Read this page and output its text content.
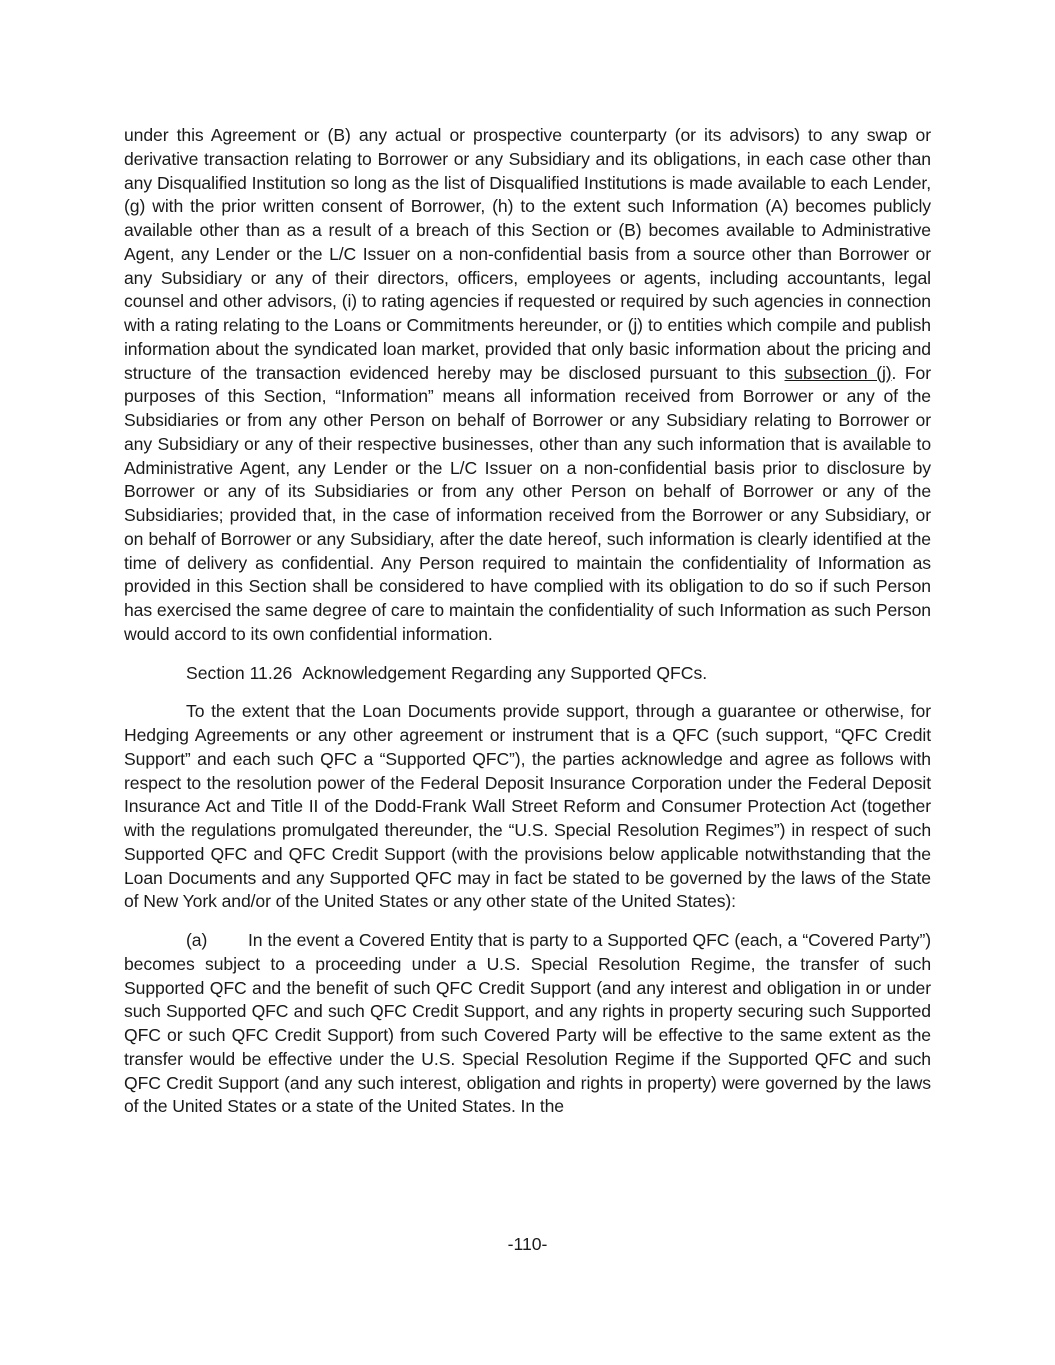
under this Agreement or (B) any actual or prospective counterparty (or its advisors) to any swap or derivative transaction relating to Borrower or any Subsidiary and its obligations, in each case other than any Disqualified Institution so long as the list of Disqualified Institutions is made available to each Lender, (g) with the prior written consent of Borrower, (h) to the extent such Information (A) becomes publicly available other than as a result of a breach of this Section or (B) becomes available to Administrative Agent, any Lender or the L/C Issuer on a non-confidential basis from a source other than Borrower or any Subsidiary or any of their directors, officers, employees or agents, including accountants, legal counsel and other advisors, (i) to rating agencies if requested or required by such agencies in connection with a rating relating to the Loans or Commitments hereunder, or (j) to entities which compile and publish information about the syndicated loan market, provided that only basic information about the pricing and structure of the transaction evidenced hereby may be disclosed pursuant to this subsection (j). For purposes of this Section, “Information” means all information received from Borrower or any of the Subsidiaries or from any other Person on behalf of Borrower or any Subsidiary relating to Borrower or any Subsidiary or any of their respective businesses, other than any such information that is available to Administrative Agent, any Lender or the L/C Issuer on a non-confidential basis prior to disclosure by Borrower or any of its Subsidiaries or from any other Person on behalf of Borrower or any of the Subsidiaries; provided that, in the case of information received from the Borrower or any Subsidiary, or on behalf of Borrower or any Subsidiary, after the date hereof, such information is clearly identified at the time of delivery as confidential. Any Person required to maintain the confidentiality of Information as provided in this Section shall be considered to have complied with its obligation to do so if such Person has exercised the same degree of care to maintain the confidentiality of such Information as such Person would accord to its own confidential information.

Section 11.26 Acknowledgement Regarding any Supported QFCs.

To the extent that the Loan Documents provide support, through a guarantee or otherwise, for Hedging Agreements or any other agreement or instrument that is a QFC (such support, “QFC Credit Support” and each such QFC a “Supported QFC”), the parties acknowledge and agree as follows with respect to the resolution power of the Federal Deposit Insurance Corporation under the Federal Deposit Insurance Act and Title II of the Dodd-Frank Wall Street Reform and Consumer Protection Act (together with the regulations promulgated thereunder, the “U.S. Special Resolution Regimes”) in respect of such Supported QFC and QFC Credit Support (with the provisions below applicable notwithstanding that the Loan Documents and any Supported QFC may in fact be stated to be governed by the laws of the State of New York and/or of the United States or any other state of the United States):

(a) In the event a Covered Entity that is party to a Supported QFC (each, a “Covered Party”) becomes subject to a proceeding under a U.S. Special Resolution Regime, the transfer of such Supported QFC and the benefit of such QFC Credit Support (and any interest and obligation in or under such Supported QFC and such QFC Credit Support, and any rights in property securing such Supported QFC or such QFC Credit Support) from such Covered Party will be effective to the same extent as the transfer would be effective under the U.S. Special Resolution Regime if the Supported QFC and such QFC Credit Support (and any such interest, obligation and rights in property) were governed by the laws of the United States or a state of the United States. In the

-110-
